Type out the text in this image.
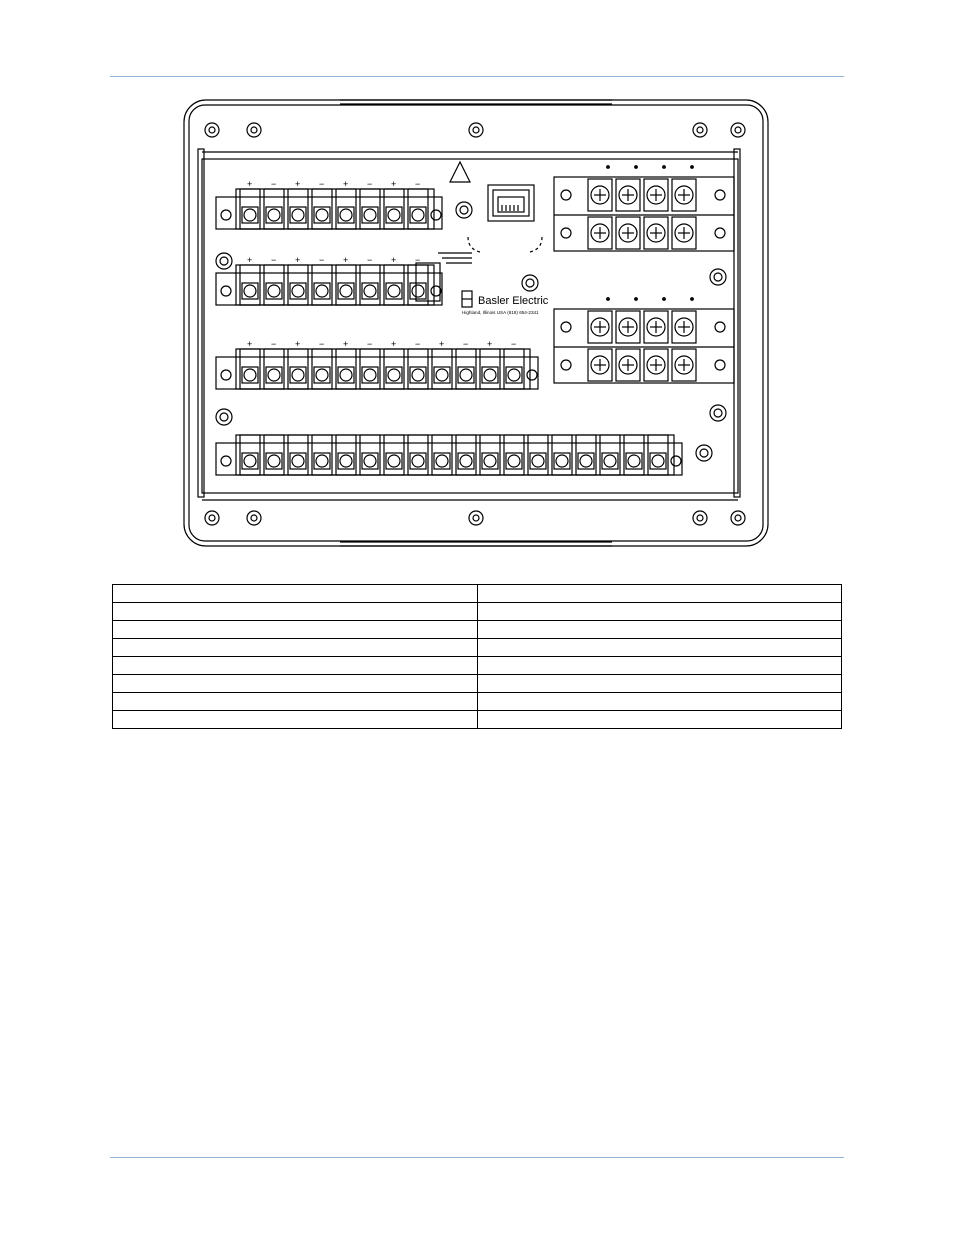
+ − + − + − + −
+ − + − + − + −
+ − + − + − + − + − + −
Basler Electric
Highland, Illinois USA (618) 654-2341
